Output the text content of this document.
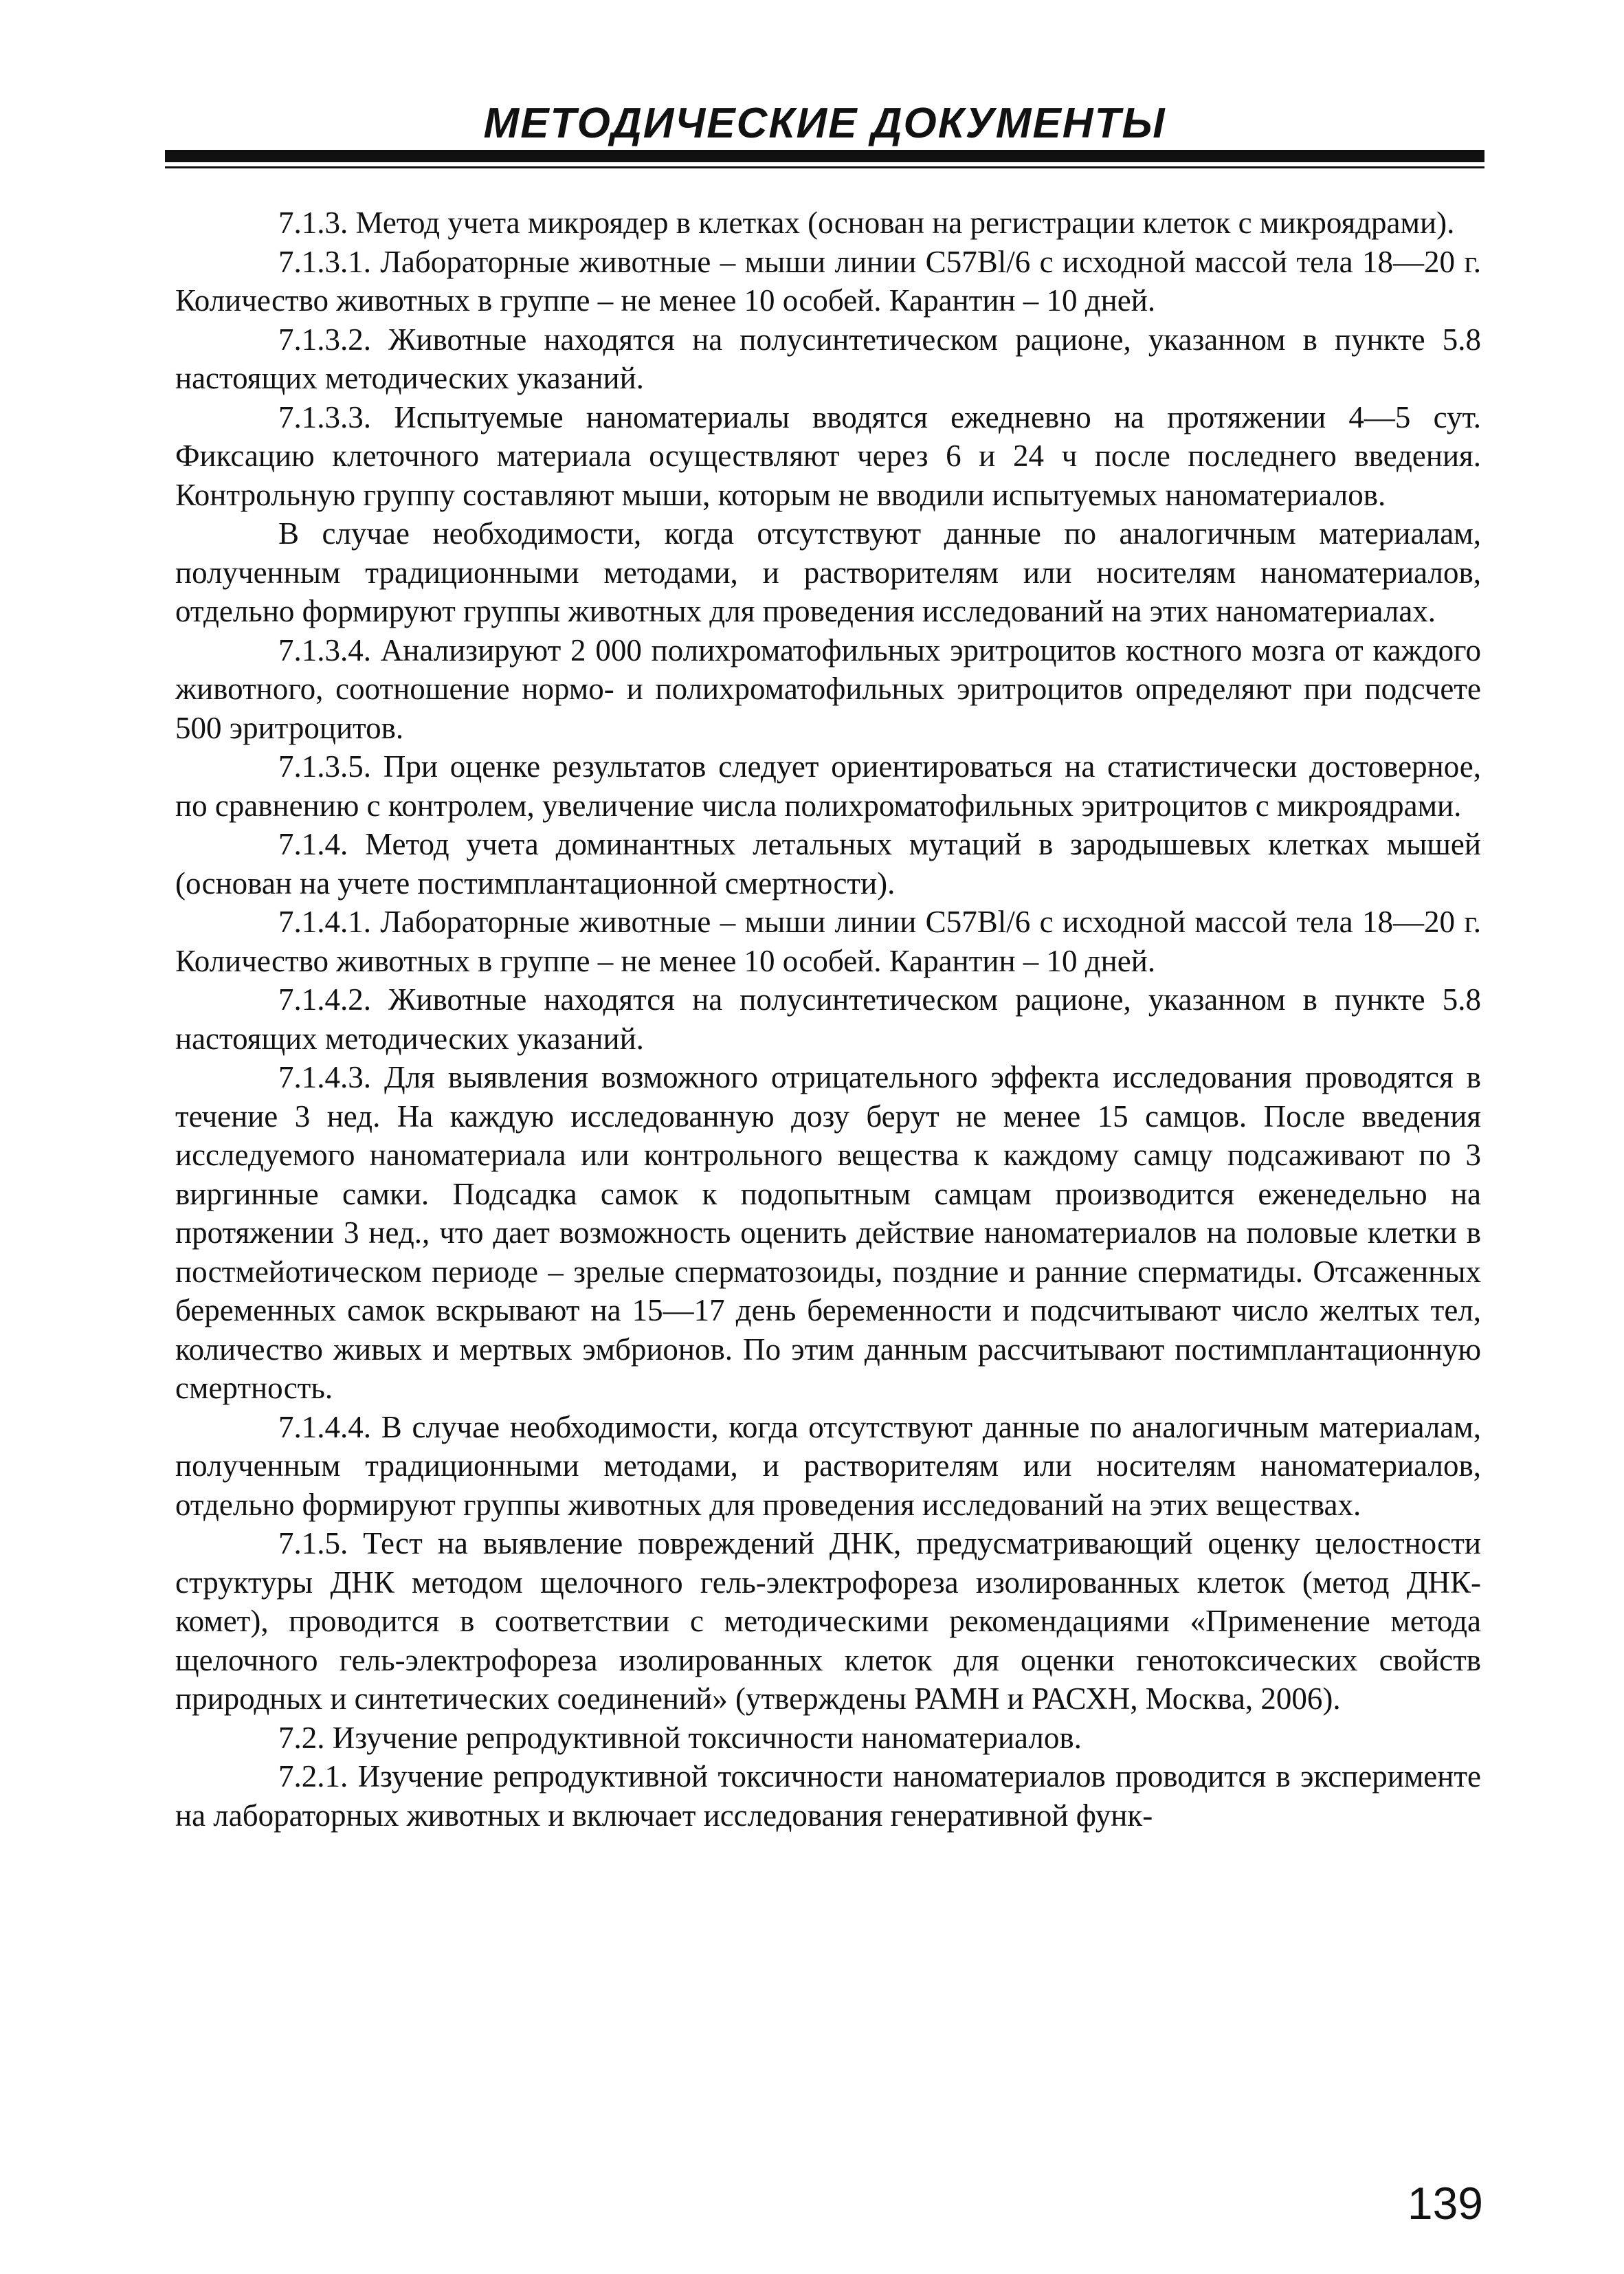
МЕТОДИЧЕСКИЕ ДОКУМЕНТЫ

7.1.3. Метод учета микроядер в клетках (основан на регистрации клеток с микроядрами).

7.1.3.1. Лабораторные животные – мыши линии C57Bl/6 с исходной массой тела 18—20 г. Количество животных в группе – не менее 10 особей. Карантин – 10 дней.

7.1.3.2. Животные находятся на полусинтетическом рационе, указанном в пункте 5.8 настоящих методических указаний.

7.1.3.3. Испытуемые наноматериалы вводятся ежедневно на протяжении 4—5 сут. Фиксацию клеточного материала осуществляют через 6 и 24 ч после последнего введения. Контрольную группу составляют мыши, которым не вводили испытуемых наноматериалов.

В случае необходимости, когда отсутствуют данные по аналогичным материалам, полученным традиционными методами, и растворителям или носителям наноматериалов, отдельно формируют группы животных для проведения исследований на этих наноматериалах.

7.1.3.4. Анализируют 2 000 полихроматофильных эритроцитов костного мозга от каждого животного, соотношение нормо- и полихроматофильных эритроцитов определяют при подсчете 500 эритроцитов.

7.1.3.5. При оценке результатов следует ориентироваться на статистически достоверное, по сравнению с контролем, увеличение числа полихроматофильных эритроцитов с микроядрами.

7.1.4. Метод учета доминантных летальных мутаций в зародышевых клетках мышей (основан на учете постимплантационной смертности).

7.1.4.1. Лабораторные животные – мыши линии C57Bl/6 с исходной массой тела 18—20 г. Количество животных в группе – не менее 10 особей. Карантин – 10 дней.

7.1.4.2. Животные находятся на полусинтетическом рационе, указанном в пункте 5.8 настоящих методических указаний.

7.1.4.3. Для выявления возможного отрицательного эффекта исследования проводятся в течение 3 нед. На каждую исследованную дозу берут не менее 15 самцов. После введения исследуемого наноматериала или контрольного вещества к каждому самцу подсаживают по 3 виргинные самки. Подсадка самок к подопытным самцам производится еженедельно на протяжении 3 нед., что дает возможность оценить действие наноматериалов на половые клетки в постмейотическом периоде – зрелые сперматозоиды, поздние и ранние сперматиды. Отсаженных беременных самок вскрывают на 15—17 день беременности и подсчитывают число желтых тел, количество живых и мертвых эмбрионов. По этим данным рассчитывают постимплантационную смертность.

7.1.4.4. В случае необходимости, когда отсутствуют данные по аналогичным материалам, полученным традиционными методами, и растворителям или носителям наноматериалов, отдельно формируют группы животных для проведения исследований на этих веществах.

7.1.5. Тест на выявление повреждений ДНК, предусматривающий оценку целостности структуры ДНК методом щелочного гель-электрофореза изолированных клеток (метод ДНК-комет), проводится в соответствии с методическими рекомендациями «Применение метода щелочного гель-электрофореза изолированных клеток для оценки генотоксических свойств природных и синтетических соединений» (утверждены РАМН и РАСХН, Москва, 2006).

7.2. Изучение репродуктивной токсичности наноматериалов.

7.2.1. Изучение репродуктивной токсичности наноматериалов проводится в эксперименте на лабораторных животных и включает исследования генеративной функ-

139
